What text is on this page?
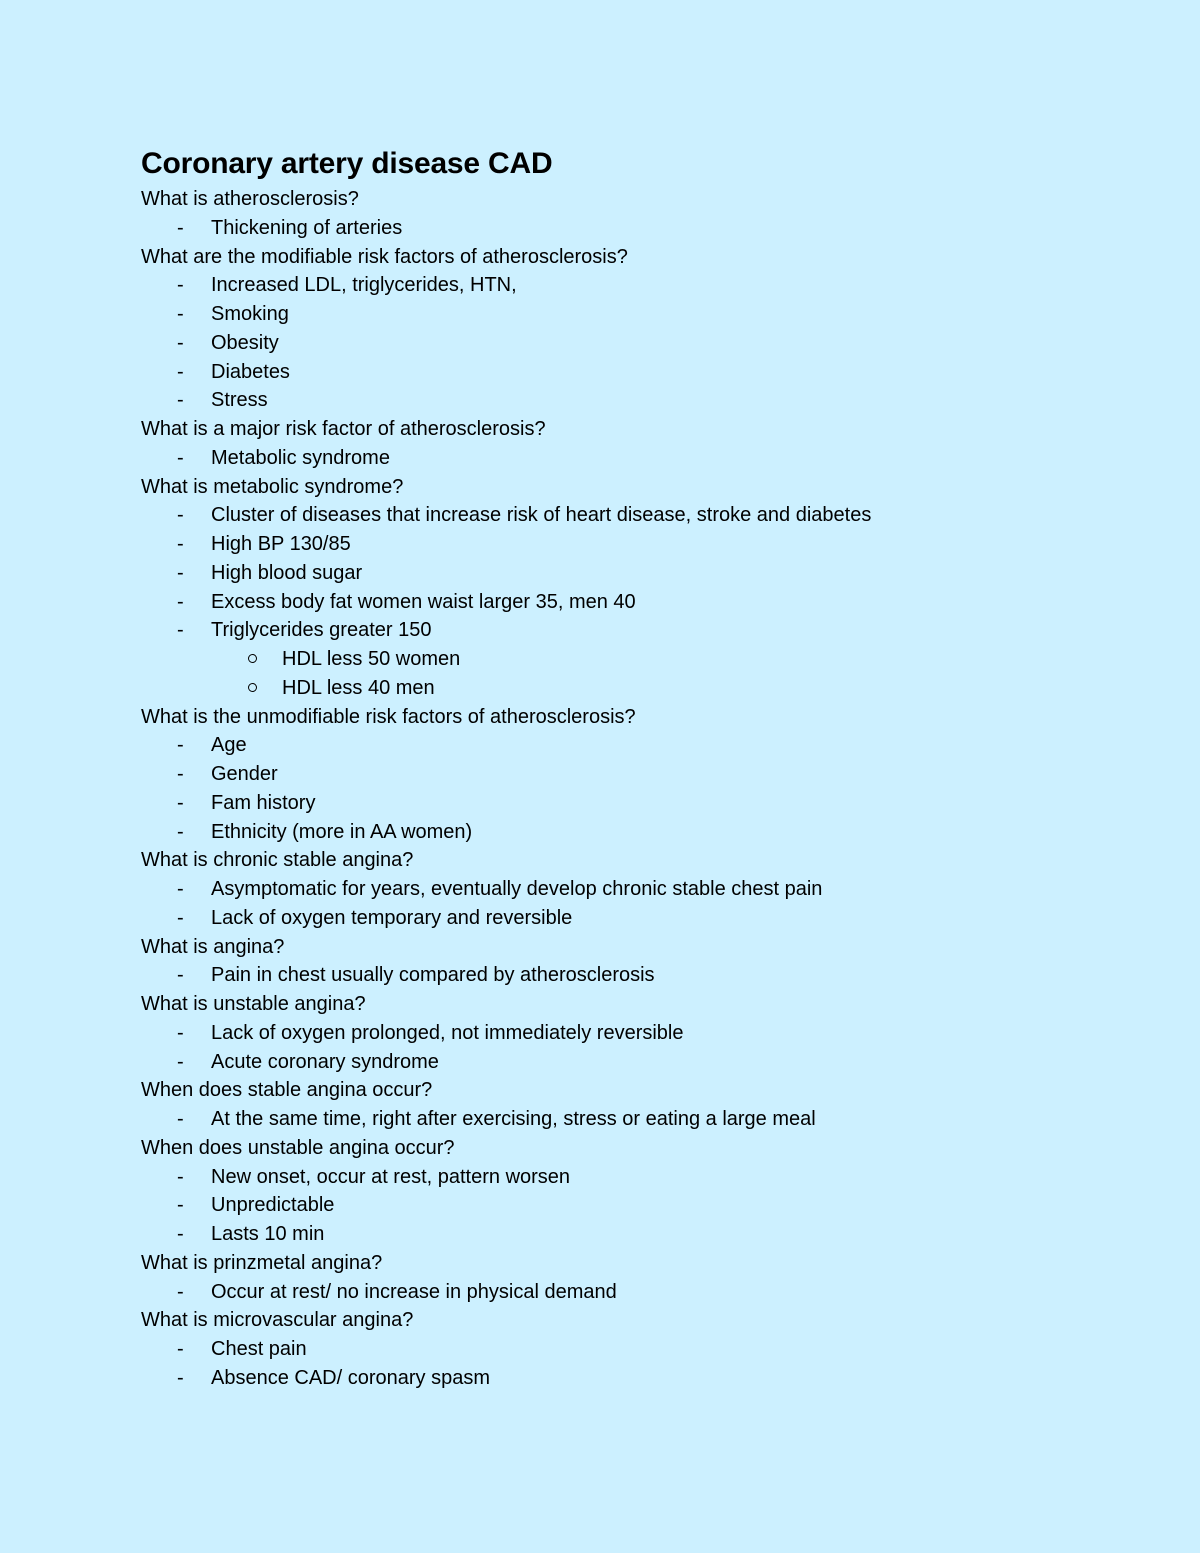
Coronary artery disease CAD
What is atherosclerosis?
- Thickening of arteries
What are the modifiable risk factors of atherosclerosis?
- Increased LDL, triglycerides, HTN,
- Smoking
- Obesity
- Diabetes
- Stress
What is a major risk factor of atherosclerosis?
- Metabolic syndrome
What is metabolic syndrome?
- Cluster of diseases that increase risk of heart disease, stroke and diabetes
- High BP 130/85
- High blood sugar
- Excess body fat women waist larger 35, men 40
- Triglycerides greater 150
HDL less 50 women
HDL less 40 men
What is the unmodifiable risk factors of atherosclerosis?
- Age
- Gender
- Fam history
- Ethnicity (more in AA women)
What is chronic stable angina?
- Asymptomatic for years, eventually develop chronic stable chest pain
- Lack of oxygen temporary and reversible
What is angina?
- Pain in chest usually compared by atherosclerosis
What is unstable angina?
- Lack of oxygen prolonged, not immediately reversible
- Acute coronary syndrome
When does stable angina occur?
- At the same time, right after exercising, stress or eating a large meal
When does unstable angina occur?
- New onset, occur at rest, pattern worsen
- Unpredictable
- Lasts 10 min
What is prinzmetal angina?
- Occur at rest/ no increase in physical demand
What is microvascular angina?
- Chest pain
- Absence CAD/ coronary spasm
